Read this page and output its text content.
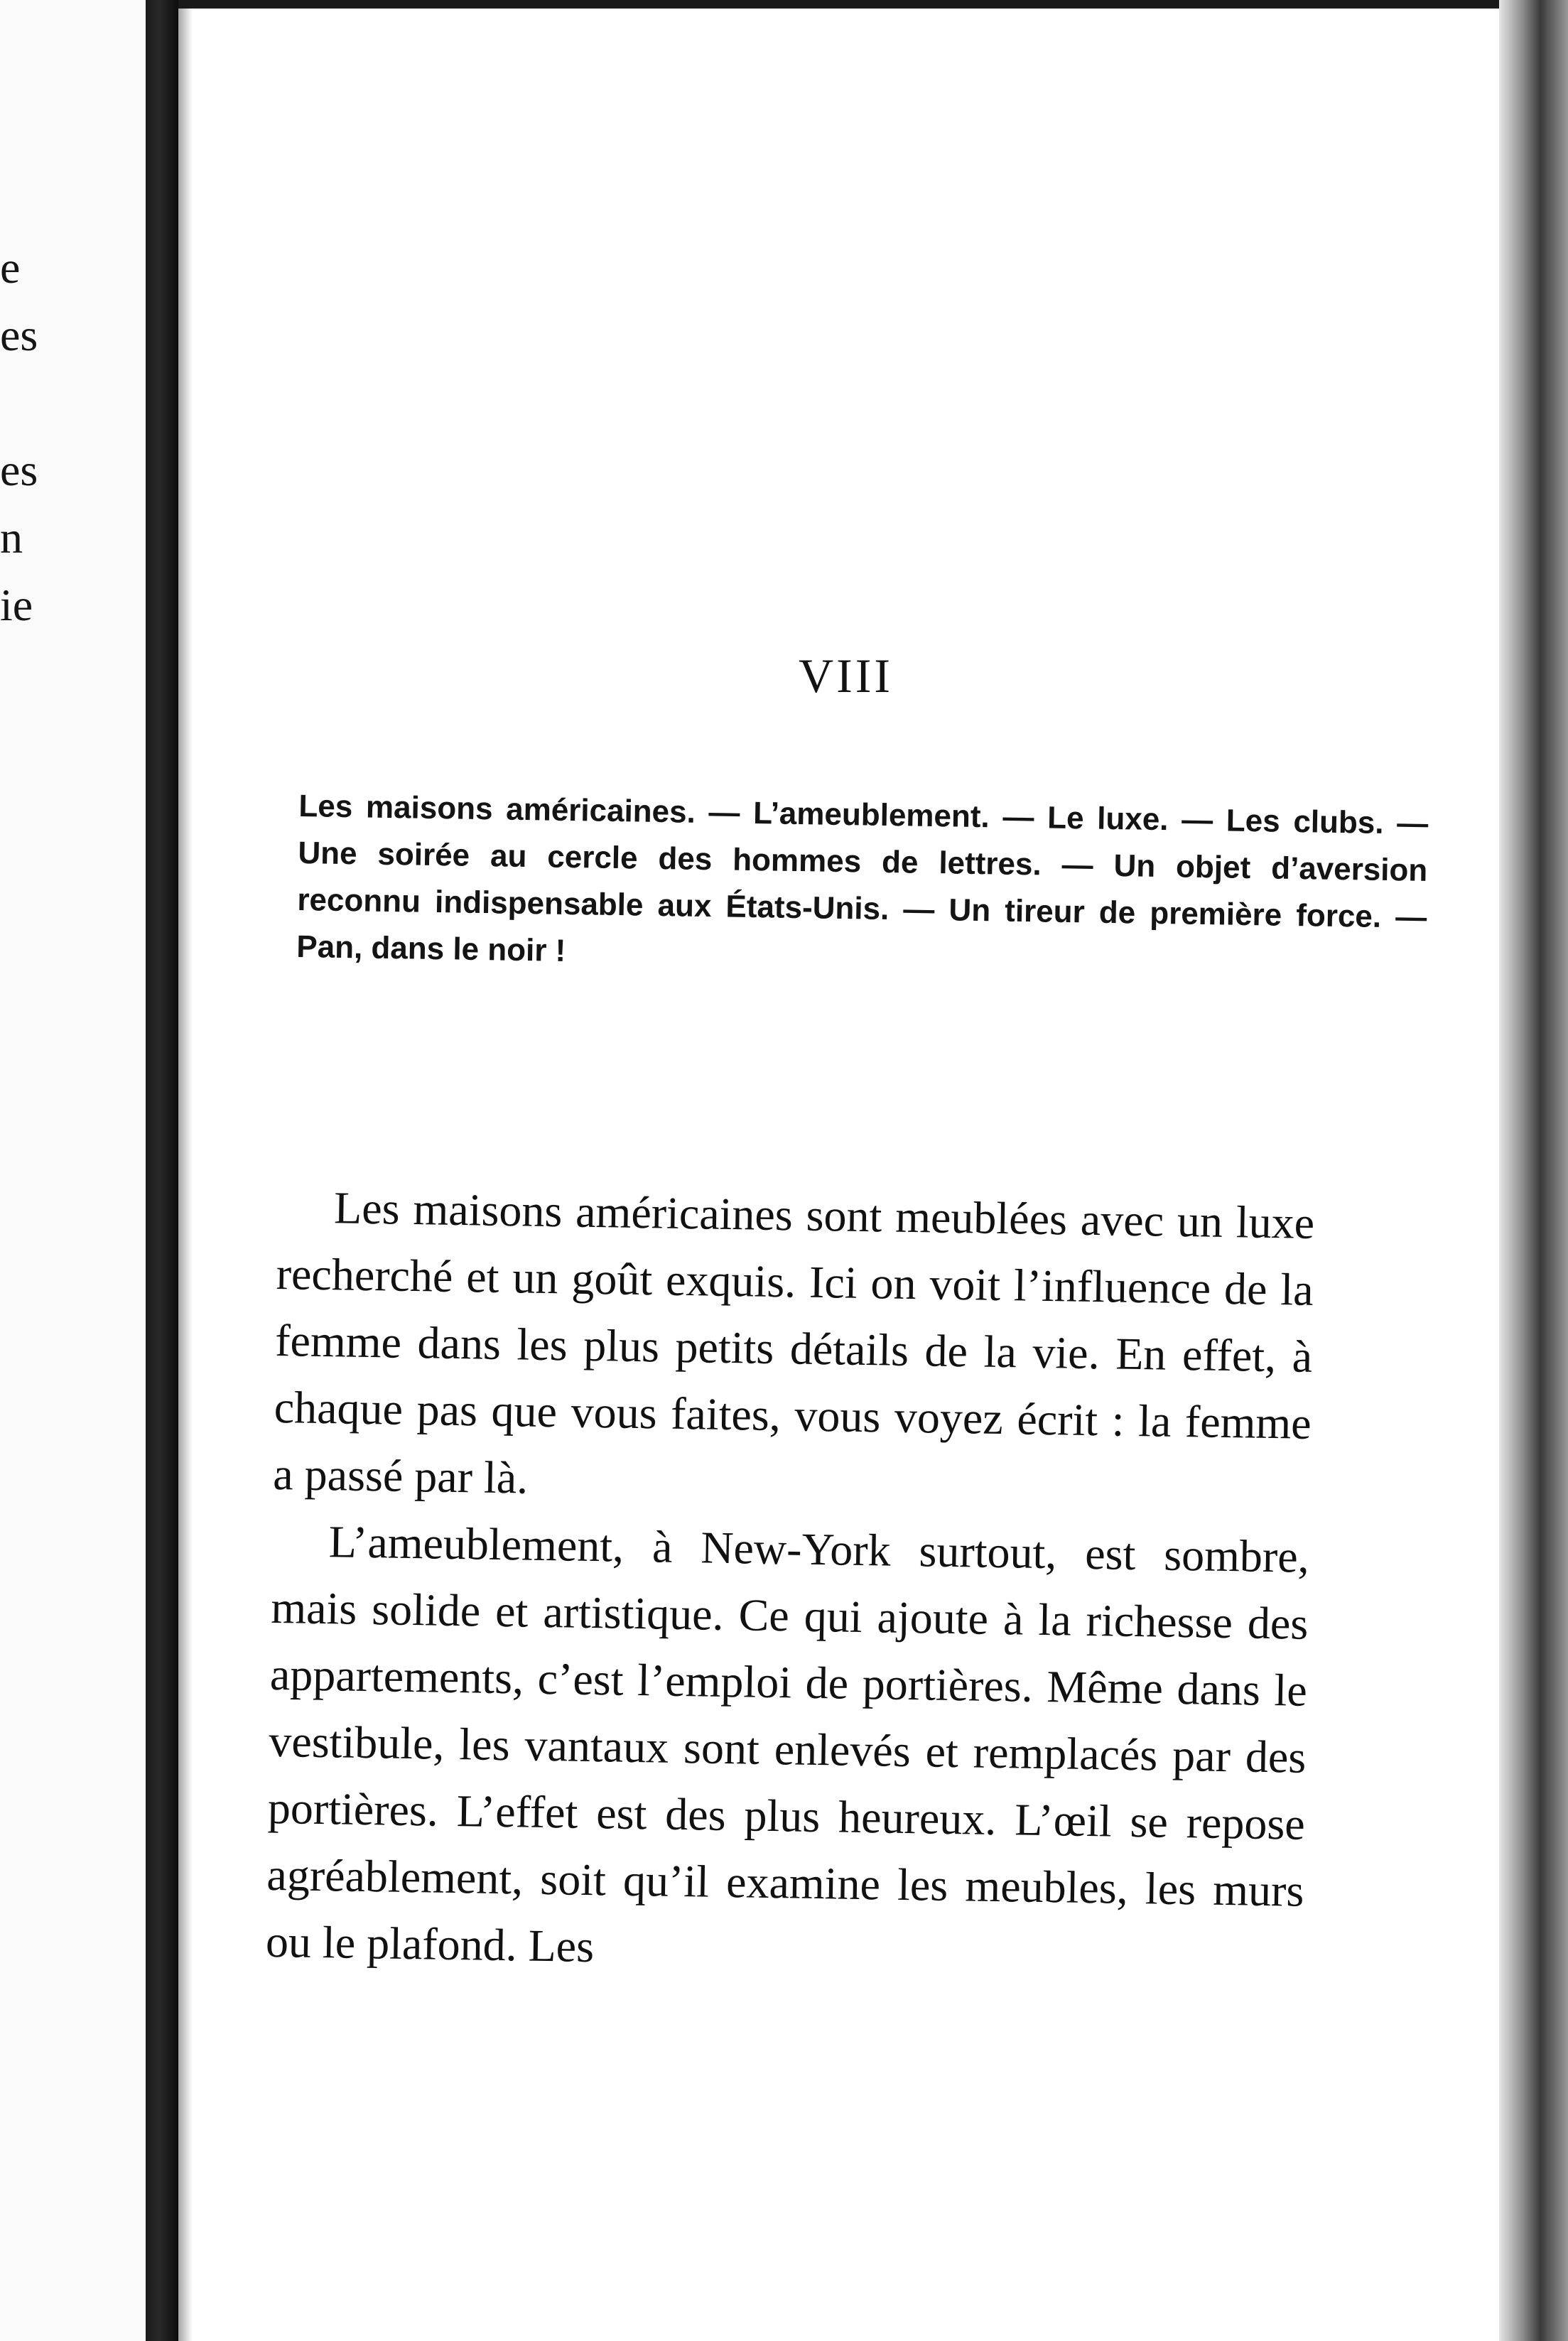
e
es
es
n
ie
VIII
Les maisons américaines. — L’ameublement. — Le luxe. — Les clubs. — Une soirée au cercle des hommes de lettres. — Un objet d’aversion reconnu indispensable aux États-Unis. — Un tireur de première force. — Pan, dans le noir !

Les maisons américaines sont meublées avec un luxe recherché et un goût exquis. Ici on voit l’influence de la femme dans les plus petits détails de la vie. En effet, à chaque pas que vous faites, vous voyez écrit : la femme a passé par là.

L’ameublement, à New-York surtout, est sombre, mais solide et artistique. Ce qui ajoute à la richesse des appartements, c’est l’emploi de portières. Même dans le vestibule, les vantaux sont enlevés et remplacés par des portières. L’effet est des plus heureux. L’œil se repose agréablement, soit qu’il examine les meubles, les murs ou le plafond. Les
